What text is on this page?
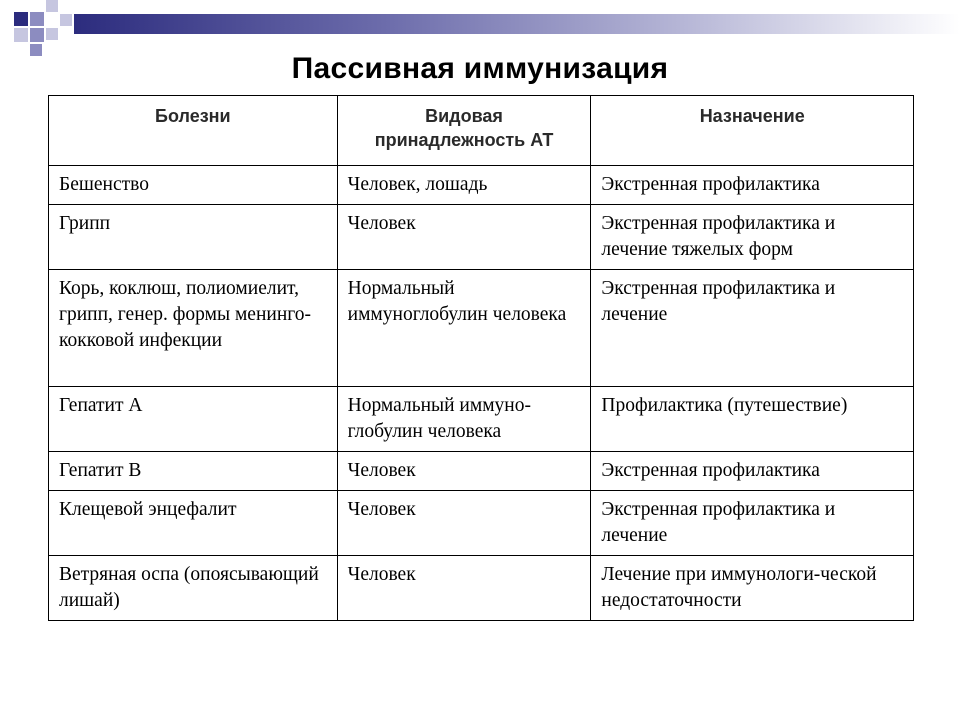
Пассивная иммунизация
Болезни	Видовая принадлежность АТ	Назначение
Бешенство	Человек, лошадь	Экстренная профилактика
Грипп	Человек	Экстренная профилактика и лечение тяжелых форм
Корь, коклюш, полиомиелит, грипп, генер. формы менинго-кокковой инфекции	Нормальный иммуноглобулин человека	Экстренная профилактика и лечение
Гепатит А	Нормальный иммуно-глобулин человека	Профилактика (путешествие)
Гепатит В	Человек	Экстренная профилактика
Клещевой энцефалит	Человек	Экстренная профилактика и лечение
Ветряная оспа (опоясывающий лишай)	Человек	Лечение при иммунологи-ческой недостаточности
